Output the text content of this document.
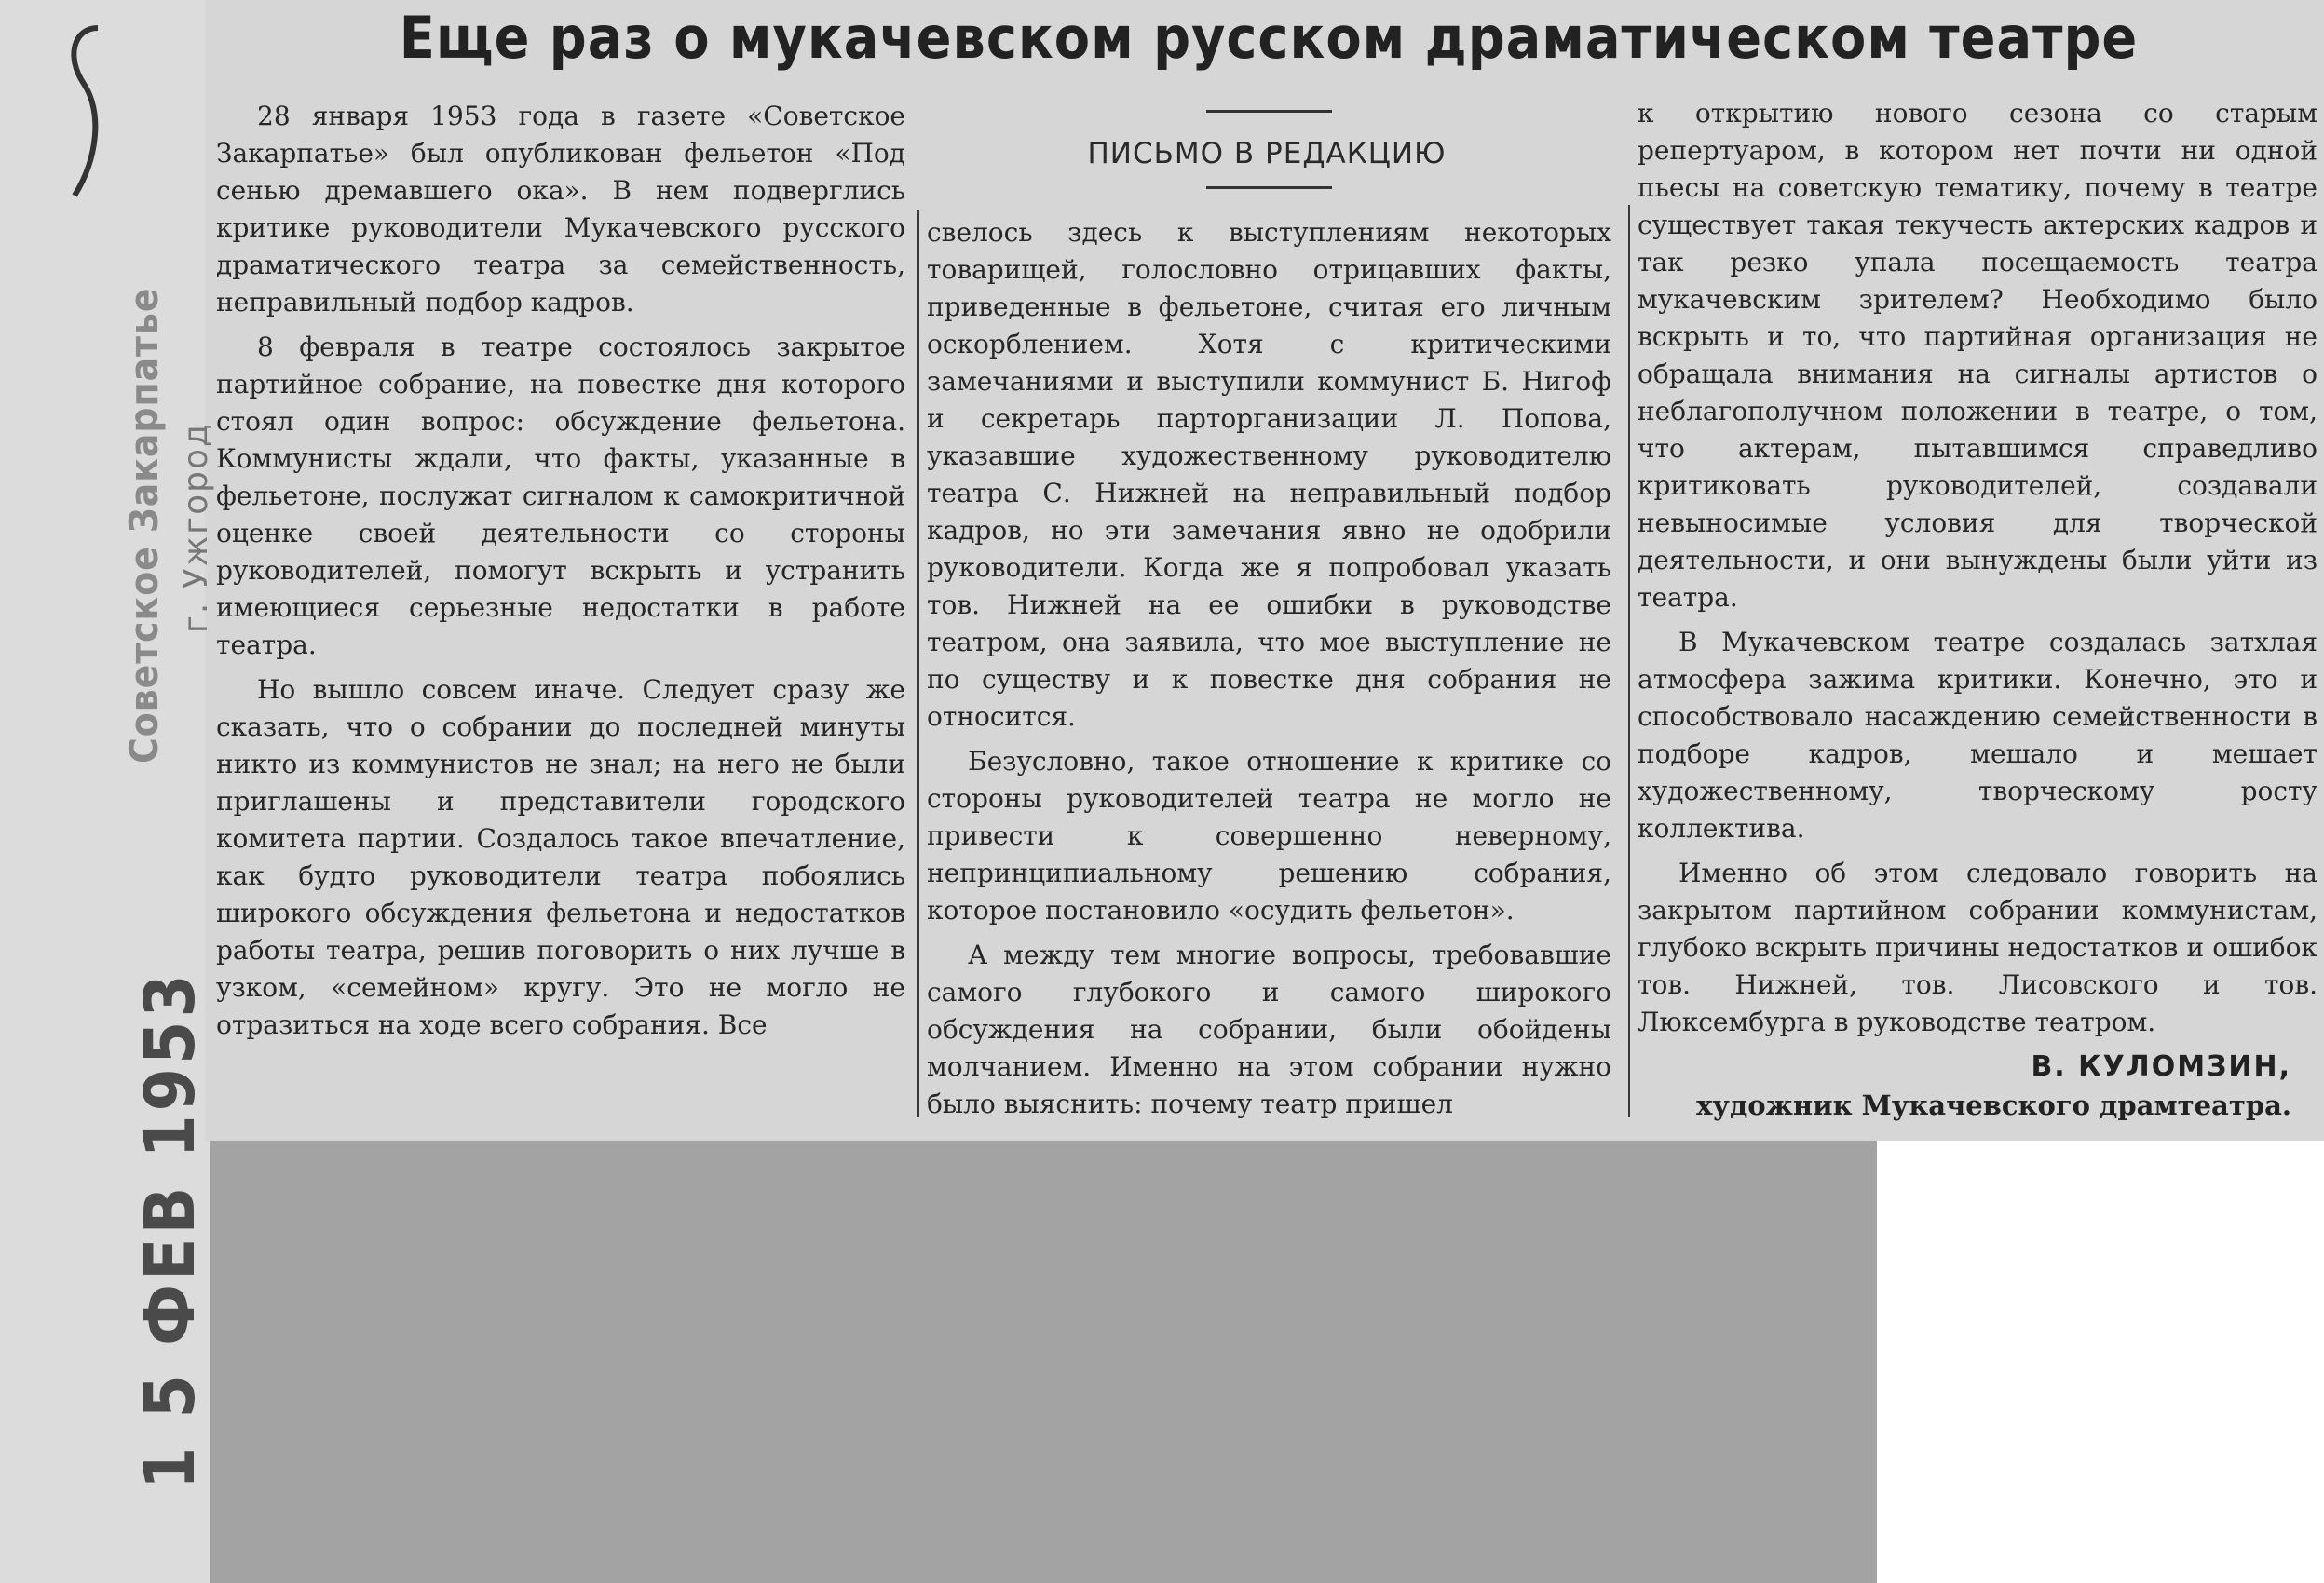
Еще раз о мукачевском русском драматическом театре
ПИСЬМО В РЕДАКЦИЮ

28 января 1953 года в газете «Советское Закарпатье» был опубликован фельетон «Под сенью дремавшего ока». В нем подверглись критике руководители Мукачевского русского драматического театра за семейственность, неправильный подбор кадров.

8 февраля в театре состоялось закрытое партийное собрание, на повестке дня которого стоял один вопрос: обсуждение фельетона. Коммунисты ждали, что факты, указанные в фельетоне, послужат сигналом к самокритичной оценке своей деятельности со стороны руководителей, помогут вскрыть и устранить имеющиеся серьезные недостатки в работе театра.

Но вышло совсем иначе. Следует сразу же сказать, что о собрании до последней минуты никто из коммунистов не знал; на него не были приглашены и представители городского комитета партии. Создалось такое впечатление, как будто руководители театра побоялись широкого обсуждения фельетона и недостатков работы театра, решив поговорить о них лучше в узком, «семейном» кругу. Это не могло не отразиться на ходе всего собрания. Все

свелось здесь к выступлениям некоторых товарищей, голословно отрицавших факты, приведенные в фельетоне, считая его личным оскорблением. Хотя с критическими замечаниями и выступили коммунист Б. Нигоф и секретарь парторганизации Л. Попова, указавшие художественному руководителю театра С. Нижней на неправильный подбор кадров, но эти замечания явно не одобрили руководители. Когда же я попробовал указать тов. Нижней на ее ошибки в руководстве театром, она заявила, что мое выступление не по существу и к повестке дня собрания не относится.

Безусловно, такое отношение к критике со стороны руководителей театра не могло не привести к совершенно неверному, непринципиальному решению собрания, которое постановило «осудить фельетон».

А между тем многие вопросы, требовавшие самого глубокого и самого широкого обсуждения на собрании, были обойдены молчанием. Именно на этом собрании нужно было выяснить: почему театр пришел

к открытию нового сезона со старым репертуаром, в котором нет почти ни одной пьесы на советскую тематику, почему в театре существует такая текучесть актерских кадров и так резко упала посещаемость театра мукачевским зрителем? Необходимо было вскрыть и то, что партийная организация не обращала внимания на сигналы артистов о неблагополучном положении в театре, о том, что актерам, пытавшимся справедливо критиковать руководителей, создавали невыносимые условия для творческой деятельности, и они вынуждены были уйти из театра.

В Мукачевском театре создалась затхлая атмосфера зажима критики. Конечно, это и способствовало насаждению семейственности в подборе кадров, мешало и мешает художественному, творческому росту коллектива.

Именно об этом следовало говорить на закрытом партийном собрании коммунистам, глубоко вскрыть причины недостатков и ошибок тов. Нижней, тов. Лисовского и тов. Люксембурга в руководстве театром.

В. КУЛОМЗИН,
художник Мукачевского драмтеатра.
